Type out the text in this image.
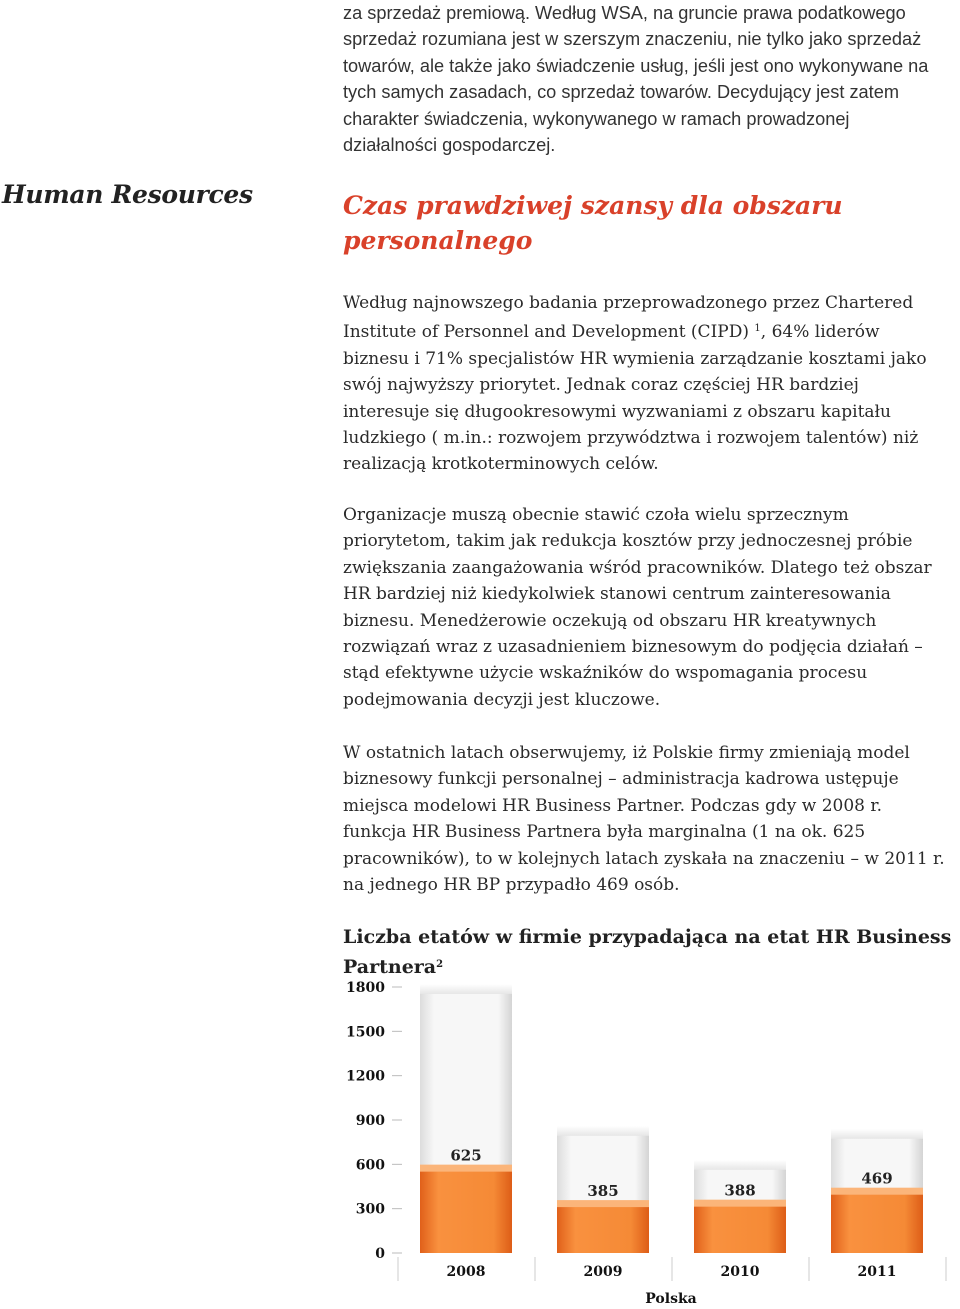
za sprzedaż premiową. Według WSA, na gruncie prawa podatkowego sprzedaż rozumiana jest w szerszym znaczeniu, nie tylko jako sprzedaż towarów, ale także jako świadczenie usług, jeśli jest ono wykonywane na tych samych zasadach, co sprzedaż towarów. Decydujący jest zatem charakter świadczenia, wykonywanego w ramach prowadzonej działalności gospodarczej.

Human Resources	Czas prawdziwej szansy dla obszaru personalnego

Według najnowszego badania przeprowadzonego przez Chartered Institute of Personnel and Development (CIPD) $^1$, 64% liderów biznesu i 71% specjalistów HR wymienia zarządzanie kosztami jako swój najwyższy priorytet. Jednak coraz częściej HR bardziej interesuje się długookresowymi wyzwaniami z obszaru kapitału ludzkiego ( m.in.: rozwojem przywództwa i rozwojem talentów) niż realizacją krotkoterminowych celów.

Organizacje muszą obecnie stawić czoła wielu sprzecznym priorytetom, takim jak redukcja kosztów przy jednoczesnej próbie zwiększania zaangażowania wśród pracowników. Dlatego też obszar HR bardziej niż kiedykolwiek stanowi centrum zainteresowania biznesu. Menedżerowie oczekują od obszaru HR kreatywnych rozwiązań wraz z uzasadnieniem biznesowym do podjęcia działań – stąd efektywne użycie wskaźników do wspomagania procesu podejmowania decyzji jest kluczowe.

W ostatnich latach obserwujemy, iż Polskie firmy zmieniają model biznesowy funkcji personalnej – administracja kadrowa ustępuje miejsca modelowi HR Business Partner. Podczas gdy w 2008 r. funkcja HR Business Partnera była marginalna (1 na ok. 625 pracowników), to w kolejnych latach zyskała na znaczeniu – w 2011 r. na jednego HR BP przypadło 469 osób.

Liczba etatów w firmie przypadająca na etat HR Business Partnera$^2$
0
300
600
900
1200
1500
1800
625
385	388
469
2008	2009	2010	2011
Polska
